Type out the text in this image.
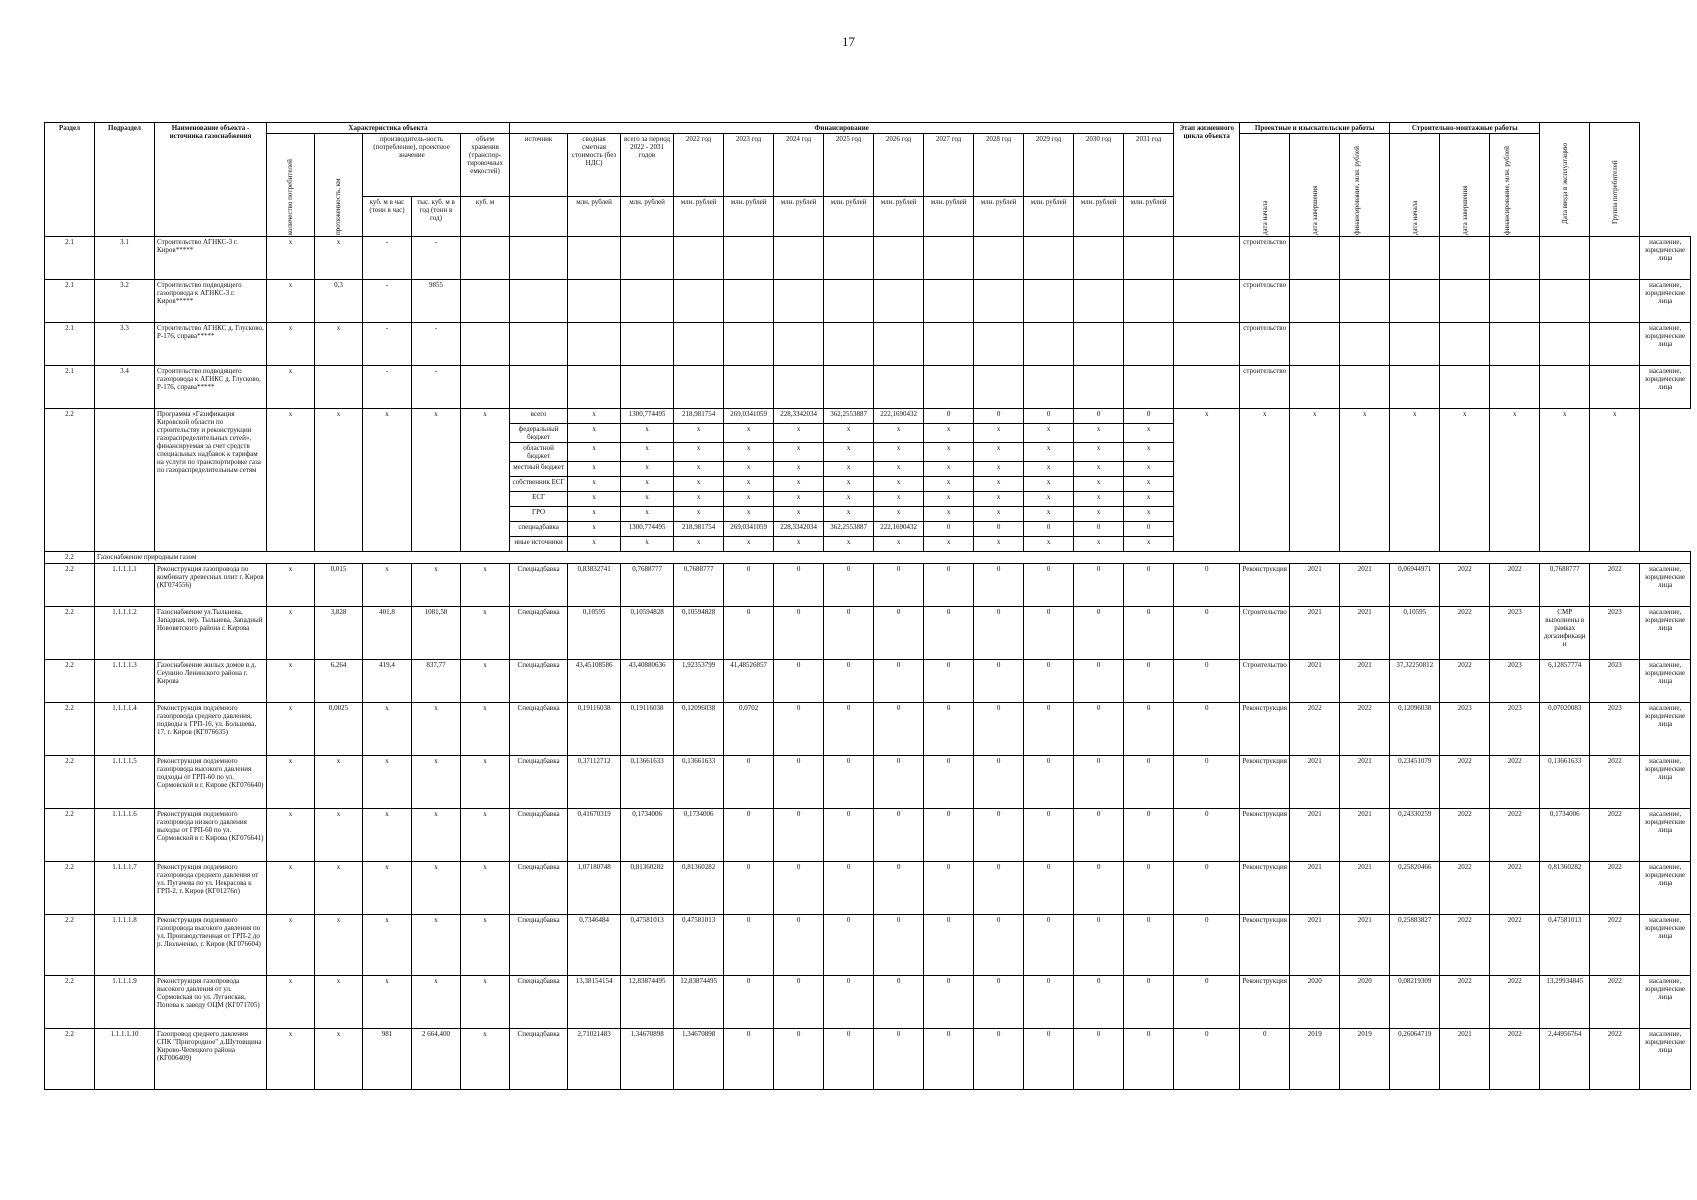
17
Раздел	Подраздел	Наименование объекта - источника газоснабжения	Характеристика объекта					Финансирование													Этап жизненного цикла объекта	Проектные и изыскательские работы			Строительно-монтажные работы			Дата ввода в эксплуатацию	Группа потребителей	

			количество потребителей	протяженность, км	производитель-ность (потребление), проектное значение		объем хранения (транспор-тировочных емкостей)	источник	сводная сметная стоимость (без НДС)	всего за период 2022 - 2031 годов	2022 год	2023 год	2024 год	2025 год	2026 год	2027 год	2028 год	2029 год	2030 год	2031 год		дата начала	дата завершения	финансирование, млн. рублей	дата начала	дата завершения	финансирование, млн. рублей			

					куб. м в час (тонн в час)	тыс. куб. м в год (тонн в год)	куб. м		млн. рублей	млн. рублей	млн. рублей	млн. рублей	млн. рублей	млн. рублей	млн. рублей	млн. рублей	млн. рублей	млн. рублей	млн. рублей	млн. рублей										
2.1	3.1	Строительство АГНКС-3 г. Киров*****	х	х	-	-																строительство								насаление, юридические лица
2.1	3.2	Строительство подводящего газопровода к АГНКС-3 г. Киров*****	х	0,3	-	9855																строительство								насаление, юридические лица
2.1	3.3	Строительство АГНКС д. Глусково, Р-176, справа*****	х	х	-	-																строительство								насаление, юридические лица
2.1	3.4	Строительство подводящего газопровода к АГНКС д. Глусково, Р-176, справа*****	х		-	-																строительство								насаление, юридические лица
2.2		Программа «Газификация Кировской области по строительству и реконструкции газораспределительных сетей», финансируемая за счет средств специальных надбавок к тарифам на услуги по транспортировке газа по газораспределительным сетям	х	х	х	х	х	всего	х	1300,774495	218,981754	269,0341059	228,3342034	362,2553887	222,1690432	0	0	0	0	0	х	х	х	х	х	х	х	х	х	
								федеральный бюджет	х	х	х	х	х	х	х	х	х	х	х	х										
								областной бюджет	х	х	х	х	х	х	х	х	х	х	х	х										
								местный бюджет	х	х	х	х	х	х	х	х	х	х	х	х										
								собственник ЕСГ	х	х	х	х	х	х	х	х	х	х	х	х										
								ЕСГ	х	х	х	х	х	х	х	х	х	х	х	х										
								ГРО	х	х	х	х	х	х	х	х	х	х	х	х										
								спецнадбавка	х	1300,774495	218,981754	269,0341059	228,3342034	362,2553887	222,1690432	0	0	0	0	0										
								иные источники	х	х	х	х	х	х	х	х	х	х	х	х										
2.2	Газоснабжение природным газом																													
2.2	1.1.1.1.1	Реконструкция газопровода по комбинату древесных плит г. Киров (КГ074556)	х	0,015	х	х	х	Спецнадбавка	0,83832741	0,7688777	0,7688777	0	0	0	0	0	0	0	0	0	0	Реконструкция	2021	2021	0,06944971	2022	2022	0,7688777	2022	насаление, юридические лица
2.2	1.1.1.1.2	Газоснабжение ул.Тыльнева, Западная, пер. Тыльнева, Западный Нововятского района г. Кирова	х	3,828	401,8	1081,58	х	Спецнадбавка	0,10595	0,10594828	0,10594828	0	0	0	0	0	0	0	0	0	0	Строительство	2021	2021	0,10595	2022	2023	СМР выполнены в рамках догазификаци и	2023	насаление, юридические лица
2.2	1.1.1.1.3	Газоснабжение жилых домов в д. Сеунино Ленинского района г. Кирова	х	6,264	419,4	837,77	х	Спецнадбавка	43,45108586	43,40880636	1,92353799	41,48526857	0	0	0	0	0	0	0	0	0	Строительство	2021	2021	37,32250812	2022	2023	6,12857774	2023	насаление, юридические лица
2.2	1.1.1.1.4	Реконструкция подземного газопровода среднего давления, подводы к ГРП-16, ул. Большева, 17, г. Киров (КГ076635)	х	0,0025	х	х	х	Спецнадбавка	0,19116038	0,19116038	0,12096038	0,0702	0	0	0	0	0	0	0	0	0	Реконструкция	2022	2022	0,12096038	2023	2023	0,07020083	2023	насаление, юридические лица
2.2	1.1.1.1.5	Реконструкция подземного газопровода высокого давления подходы от ГРП-60 по ул. Сормовской в г. Кирове (КГ076640)	х	х	х	х	х	Спецнадбавка	0,37112712	0,13661633	0,13661633	0	0	0	0	0	0	0	0	0	0	Реконструкция	2021	2021	0,23451079	2022	2022	0,13661633	2022	насаление, юридические лица
2.2	1.1.1.1.6	Реконструкция подземного газопровода низкого давления выходы от ГРП-60 по ул. Сормовской в г. Кирова (КГ076641)	х	х	х	х	х	Спецнадбавка	0,41670319	0,1734006	0,1734006	0	0	0	0	0	0	0	0	0	0	Реконструкция	2021	2021	0,24330259	2022	2022	0,1734006	2022	насаление, юридические лица
2.2	1.1.1.1.7	Реконструкция подземного газопровода среднего давления от ул. Пугачева по ул. Некрасова к ГРП-2, г. Киров (КГ01276п)	х	х	х	х	х	Спецнадбавка	1,07180748	0,81360282	0,81360282	0	0	0	0	0	0	0	0	0	0	Реконструкция	2021	2021	0,25820466	2022	2022	0,81360282	2022	насаление, юридические лица
2.2	1.1.1.1.8	Реконструкция подземного газопровода высокого давления по ул. Производственная от ГРП-2 до р. Люльченко, г. Киров (КГ076604)	х	х	х	х	х	Спецнадбавка	0,7346484	0,47581013	0,47581013	0	0	0	0	0	0	0	0	0	0	Реконструкция	2021	2021	0,25883827	2022	2022	0,47581013	2022	насаление, юридические лица
2.2	1.1.1.1.9	Реконструкция газопровода высокого давления от ул. Сормовская по ул. Луганская, Попова к заводу ОЦМ (КГ071705)	х	х	х	х	х	Спецнадбавка	13,38154154	12,83874495	12,83874495	0	0	0	0	0	0	0	0	0	0	Реконструкция	2020	2020	0,08219309	2022	2022	13,29934845	2022	насаление, юридические лица
2.2	1.1.1.1.10	Газопровод среднего давления СПК "Пригородное" д.Шутовщина Кирово-Чепецкого района (КГ006409)	х	х	981	2 664,400	х	Спецнадбавка	2,71021483	1,34670898	1,34670898	0	0	0	0	0	0	0	0	0	0	0	2019	2019	0,26064719	2021	2022	2,44956764	2022	насаление, юридические лица
